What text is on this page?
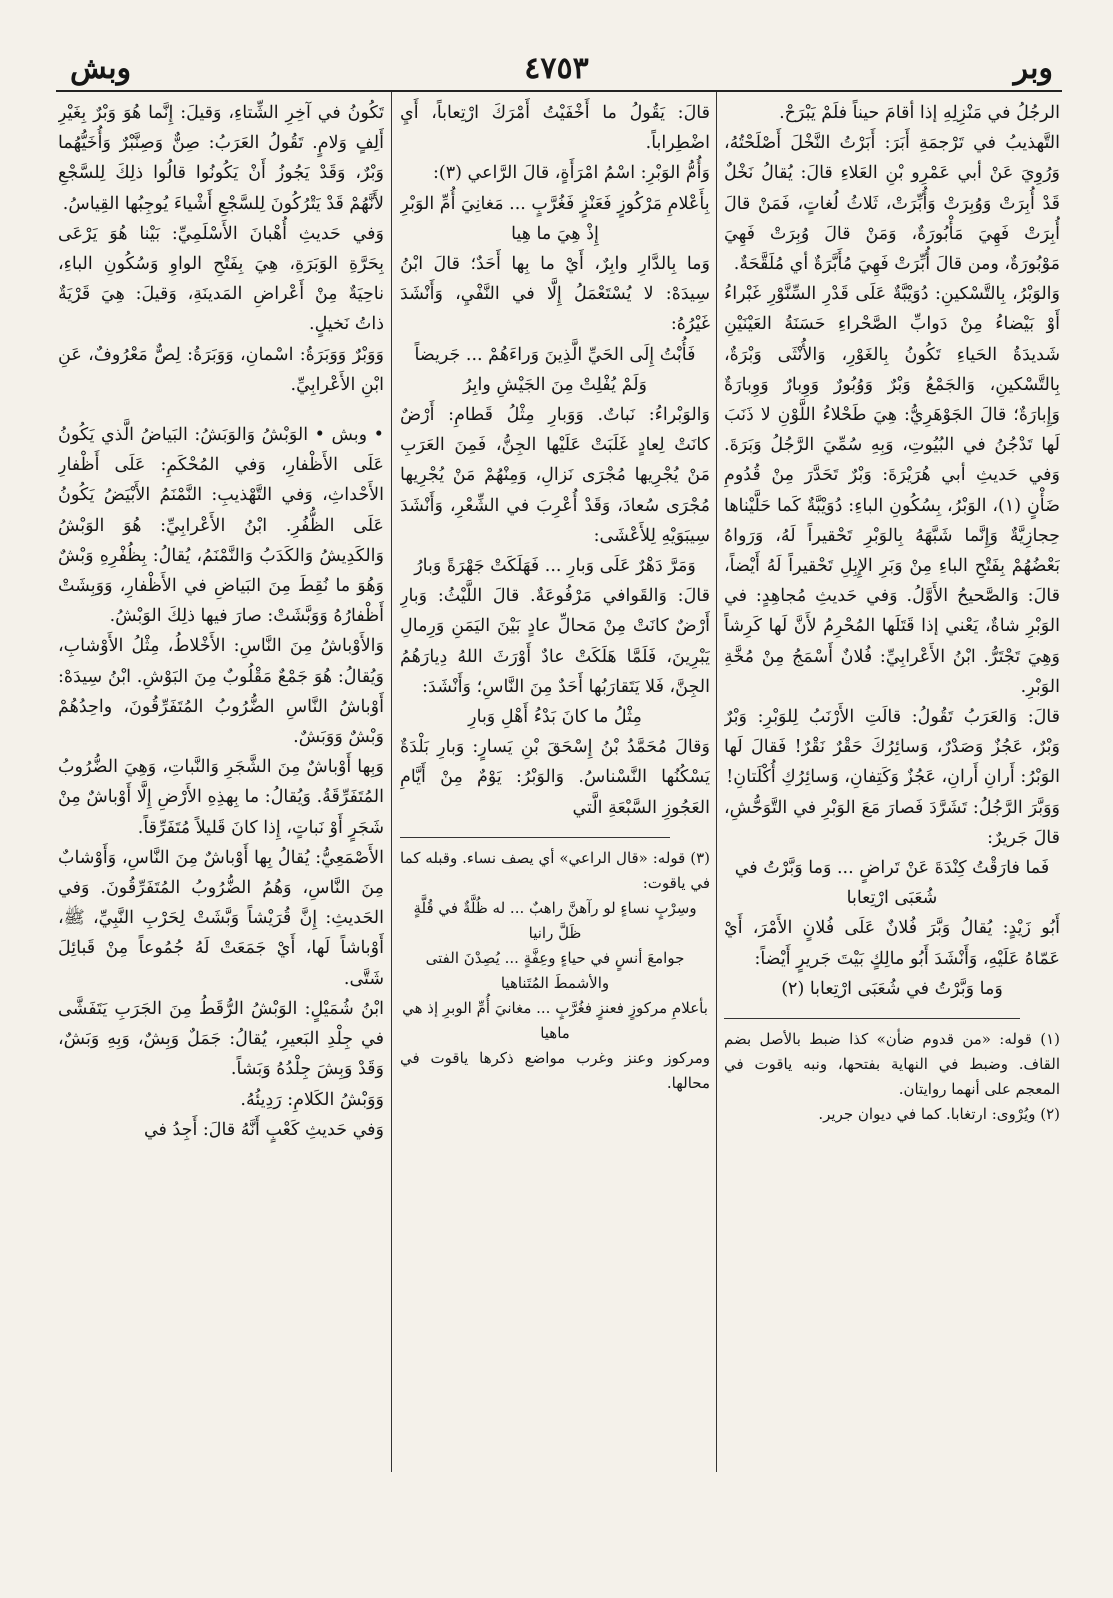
وبر
٤٧٥٣
وبش

الرجُلُ في مَنْزِلِهِ إذا أقامَ حيناً فلَمْ يَبْرَحْ.

التَّهذيبُ في تَرْجمَةِ أَبَرَ: أَبَرْتُ النَّخْلَ أَصْلَحْتُهُ، وَرُوِيَ عَنْ أبي عَمْرِو بْنِ العَلاءِ قالَ: يُقالُ نَخْلٌ قَدْ أُبِرَتْ وَوُبِرَتْ وَأُبِّرَتْ، ثَلاثُ لُغاتٍ، فَمَنْ قالَ أُبِرَتْ فَهِيَ مَأْبُورَةٌ، وَمَنْ قالَ وُبِرَتْ فَهِيَ مَوْبُورَةٌ، ومن قالَ أُبِّرَتْ فَهِيَ مُأَبَّرَةٌ أي مُلَقَّحَةٌ.

وَالوَبْرُ، بِالتَّسْكينِ: دُوَيْبَّةٌ عَلَى قَدْرِ السِّنَّوْرِ غَبْراءُ أَوْ بَيْضاءُ مِنْ دَوابِّ الصَّحْراءِ حَسَنَةُ العَيْنَيْنِ شَديدَةُ الحَياءِ تَكُونُ بِالغَوْرِ، وَالأُنْثَى وَبْرَةٌ، بِالتَّسْكينِ، وَالجَمْعُ وَبْرٌ وَوُبُورٌ وَوِبارٌ وَوِبارَةٌ وَإِبارَةٌ؛ قالَ الجَوْهَرِيُّ: هِيَ طَحْلاءُ اللَّوْنِ لا ذَنَبَ لَها تَدْجُنُ في البُيُوتِ، وَبِهِ سُمِّيَ الرَّجُلُ وَبَرَةَ. وَفي حَديثِ أبي هُرَيْرَةَ: وَبْرٌ تَحَدَّرَ مِنْ قُدُومِ ضَأْنٍ (١)، الوَبْرُ، بِسُكُونِ الباءِ: دُوَيْبَّةٌ كَما حَلَّيْناها حِجازِيَّةٌ وَإِنَّما شَبَّهَهُ بِالوَبْرِ تَحْقيراً لَهُ، وَرَواهُ بَعْضُهُمْ بِفَتْحِ الباءِ مِنْ وَبَرِ الإِبِلِ تَحْقيراً لَهُ أَيْضاً، قالَ: وَالصَّحيحُ الأَوَّلُ. وَفي حَديثِ مُجاهِدٍ: في الوَبْرِ شاةٌ، يَعْني إذا قَتَلَها المُحْرِمُ لأَنَّ لَها كَرِشاً وَهِيَ تَجْتَرُّ. ابْنُ الأَعْرابِيِّ: فُلانٌ أَسْمَجُ مِنْ مُخَّةِ الوَبْرِ.

قالَ: وَالعَرَبُ تَقُولُ: قالَتِ الأَرْنَبُ لِلوَبْرِ: وَبْرٌ وَبْرٌ، عَجُزٌ وَصَدْرٌ، وَسائِرُكَ حَقْرٌ نَقْرٌ! فَقالَ لَها الوَبْرُ: أَرانِ أَرانِ، عَجُزٌ وَكَتِفانِ، وَسائِرُكِ أُكْلَتانِ!

وَوَبَّرَ الرَّجُلُ: تَشَرَّدَ فَصارَ مَعَ الوَبْرِ في التَّوَحُّشِ، قالَ جَريرٌ:

فَما فارَقْتُ كِنْدَةَ عَنْ تَراضٍ ... وَما وَبَّرْتُ في شُعَبَى ارْتِعابا

أَبُو زَيْدٍ: يُقالُ وَبَّرَ فُلانٌ عَلَى فُلانٍ الأَمْرَ، أَيْ عَمّاهُ عَلَيْهِ، وَأَنْشَدَ أَبُو مالِكٍ بَيْتَ جَريرٍ أَيْضاً:

وَما وَبَّرْتُ في شُعَبَى ارْتِعابا (٢)

(١) قوله: «من قدوم ضأن» كذا ضبط بالأصل بضم القاف. وضبط في النهاية بفتحها، ونبه ياقوت في المعجم على أنهما روايتان.

(٢) ويُرْوى: ارتغابا. كما في ديوان جرير.

قالَ: يَقُولُ ما أَخْفَيْتُ أَمْرَكَ ارْتِعاباً، أَيِ اضْطِراباً.

وَأُمُّ الوَبْرِ: اسْمُ امْرَأَةٍ، قالَ الرَّاعي (٣):

بِأَعْلامِ مَرْكُوزٍ فَعَنْزٍ فَغُرَّبٍ ... مَغانِيَ أُمِّ الوَبْرِ إِذْ هِيَ ما هِيا

وَما بِالدَّارِ وابِرٌ، أَيْ ما بِها أَحَدٌ؛ قالَ ابْنُ سِيدَهْ: لا يُسْتَعْمَلُ إِلَّا في النَّفْيِ، وَأَنْشَدَ غَيْرُهُ:

فَأُبْتُ إِلَى الحَيِّ الَّذِينَ وَراءَهُمْ ... جَريضاً وَلَمْ يُفْلِتْ مِنَ الجَيْشِ وابِرُ

وَالوَبْراءُ: نَباتٌ. وَوَبارِ مِثْلُ قَطامِ: أَرْضٌ كانَتْ لِعادٍ غَلَبَتْ عَلَيْها الجِنُّ، فَمِنَ العَرَبِ مَنْ يُجْرِيها مُجْرَى نَزالِ، وَمِنْهُمْ مَنْ يُجْرِيها مُجْرَى سُعادَ، وَقَدْ أُعْرِبَ في الشِّعْرِ، وَأَنْشَدَ سِيبَوَيْهِ لِلأَعْشَى:

وَمَرَّ دَهْرٌ عَلَى وَبارِ ... فَهَلَكَتْ جَهْرَةً وَبارُ

قالَ: وَالقَوافي مَرْفُوعَةٌ. قالَ اللَّيْثُ: وَبارِ أَرْضٌ كانَتْ مِنْ مَحالِّ عادٍ بَيْنَ اليَمَنِ وَرِمالِ يَبْرِينَ، فَلَمَّا هَلَكَتْ عادٌ أَوْرَثَ اللهُ دِيارَهُمُ الجِنَّ، فَلا يَتَقارَبُها أَحَدٌ مِنَ النَّاسِ؛ وَأَنْشَدَ:

مِثْلُ ما كانَ بَدْءُ أَهْلِ وَبارِ

وَقالَ مُحَمَّدُ بْنُ إِسْحَقَ بْنِ يَسارٍ: وَبارِ بَلْدَةٌ يَسْكُنُها النَّسْناسُ. وَالوَبْرُ: يَوْمٌ مِنْ أَيَّامِ العَجُوزِ السَّبْعَةِ الَّتي

(٣) قوله: «قال الراعي» أي يصف نساء. وقبله كما في ياقوت:

وسِرْبٍ نساءٍ لو رآهنَّ راهبٌ ... له ظُلَّةٌ في قُلَّةٍ ظَلَّ رانيا

جوامعَ أنسٍ في حياءٍ وعِفَّةٍ ... يُصِدْنَ الفتى والأشمطَ المُتَناهيا

بأعلامِ مركوزٍ فعنزٍ فغُرَّبٍ ... مغانيَ أُمِّ الوبرِ إذ هي ماهيا

ومركوز وعنز وغرب مواضع ذكرها ياقوت في محالها.

تَكُونُ في آخِرِ الشِّتاءِ، وَقيلَ: إِنَّما هُوَ وَبْرٌ بِغَيْرِ أَلِفٍ وَلامٍ. تَقُولُ العَرَبُ: صِنٌّ وَصِنَّبْرٌ وَأُخَيُّهُما وَبْرٌ، وَقَدْ يَجُوزُ أَنْ يَكُونُوا قالُوا ذلِكَ لِلسَّجْعِ لأَنَّهُمْ قَدْ يَتْرُكُونَ لِلسَّجْعِ أَشْياءَ يُوجِبُها القِياسُ.

وَفي حَديثِ أُهْبانَ الأَسْلَمِيِّ: بَيْنا هُوَ يَرْعَى بِحَرَّةِ الوَبَرَةِ، هِيَ بِفَتْحِ الواوِ وَسُكُونِ الباءِ، ناحِيَةٌ مِنْ أَعْراضِ المَدينَةِ، وَقيلَ: هِيَ قَرْيَةٌ ذاتُ نَخيلٍ.

وَوَبْرٌ وَوَبَرَةُ: اسْمانِ، وَوَبَرَةُ: لِصٌّ مَعْرُوفٌ، عَنِ ابْنِ الأَعْرابِيِّ.

• وبش • الوَبْشُ وَالوَبَشُ: البَياضُ الَّذي يَكُونُ عَلَى الأَظْفارِ، وَفي المُحْكَمِ: عَلَى أَظْفارِ الأَحْداثِ، وَفي التَّهْذيبِ: النَّمْنَمُ الأَبْيَضُ يَكُونُ عَلَى الظُّفُرِ. ابْنُ الأَعْرابِيِّ: هُوَ الوَبْشُ وَالكَدِيشُ وَالكَدَبُ وَالنَّمْنَمُ، يُقالُ: بِظُفْرِهِ وَبْشٌ وَهُوَ ما نُقِطَ مِنَ البَياضِ في الأَظْفارِ، وَوَبِشَتْ أَظْفارُهُ وَوَبَّشَتْ: صارَ فيها ذلِكَ الوَبْشُ.

وَالأَوْباشُ مِنَ النَّاسِ: الأَخْلاطُ، مِثْلُ الأَوْشابِ، وَيُقالُ: هُوَ جَمْعٌ مَقْلُوبٌ مِنَ البَوْشِ. ابْنُ سِيدَهْ: أَوْباشُ النَّاسِ الضُّرُوبُ المُتَفَرِّقُونَ، واحِدُهُمْ وَبْشٌ وَوَبَشٌ.

وَبِها أَوْباشٌ مِنَ الشَّجَرِ وَالنَّباتِ، وَهِيَ الضُّرُوبُ المُتَفَرِّقَةُ. وَيُقالُ: ما بِهذِهِ الأَرْضِ إِلَّا أَوْباشٌ مِنْ شَجَرٍ أَوْ نَباتٍ، إِذا كانَ قَليلاً مُتَفَرِّقاً.

الأَصْمَعِيُّ: يُقالُ بِها أَوْباشٌ مِنَ النَّاسِ، وَأَوْشابٌ مِنَ النَّاسِ، وَهُمُ الضُّرُوبُ المُتَفَرِّقُونَ. وَفي الحَديثِ: إِنَّ قُرَيْشاً وَبَّشَتْ لِحَرْبِ النَّبِيِّ، ﷺ، أَوْباشاً لَها، أَيْ جَمَعَتْ لَهُ جُمُوعاً مِنْ قَبائِلَ شَتَّى.

ابْنُ شُمَيْلٍ: الوَبْشُ الرُّقَطُ مِنَ الجَرَبِ يَتَفَشَّى في جِلْدِ البَعيرِ، يُقالُ: جَمَلٌ وَبِشٌ، وَبِهِ وَبَشٌ، وَقَدْ وَبِشَ جِلْدُهُ وَبَشاً.

وَوَبْشُ الكَلامِ: رَدِيئُهُ.

وَفي حَديثِ كَعْبٍ أَنَّهُ قالَ: أَجِدُ في
